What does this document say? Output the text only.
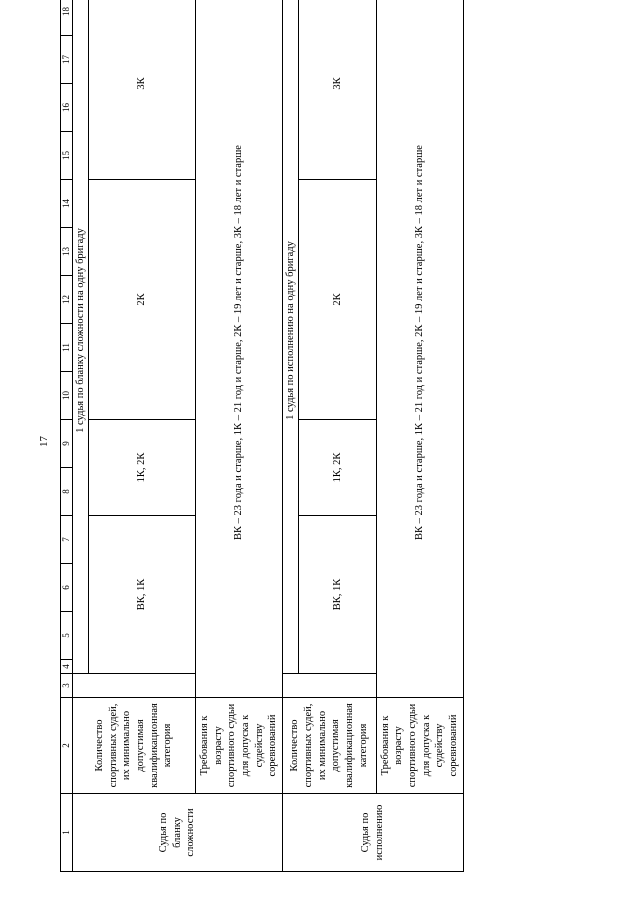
17
1	2	3	4	5	6	7	8	9	10	11	12	13	14	15	16	17	18
Судья по бланку сложности	Количество спортивных судей, их минимально допустимая квалификационная категория		1 судья по бланку сложности на одну бригаду														
			ВК, 1К				1К, 2К		2К					3К			
	Требования к возрасту спортивного судьи для допуска к судейству соревнований	ВК – 23 года и старше, 1К – 21 год и старше, 2К – 19 лет и старше, 3К – 18 лет и старше															
Судья по исполнению	Количество спортивных судей, их минимально допустимая квалификационная категория		1 судья по исполнению на одну бригаду														
			ВК, 1К				1К, 2К		2К					3К			
	Требования к возрасту спортивного судьи для допуска к судейству соревнований	ВК – 23 года и старше, 1К – 21 год и старше, 2К – 19 лет и старше, 3К – 18 лет и старше															
